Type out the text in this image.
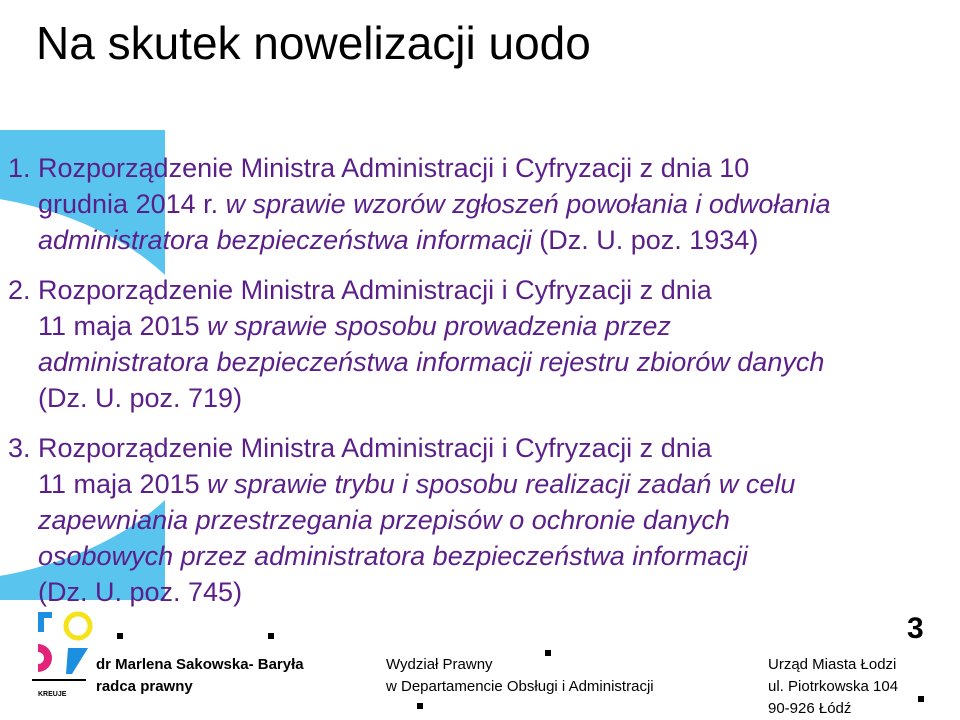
Na skutek nowelizacji uodo
1. Rozporządzenie Ministra Administracji i Cyfryzacji z dnia 10
grudnia 2014 r. w sprawie wzorów zgłoszeń powołania i odwołania
administratora bezpieczeństwa informacji (Dz. U. poz. 1934)
2. Rozporządzenie Ministra Administracji i Cyfryzacji z dnia
11 maja 2015 w sprawie sposobu prowadzenia przez
administratora bezpieczeństwa informacji rejestru zbiorów danych
(Dz. U. poz. 719)
3. Rozporządzenie Ministra Administracji i Cyfryzacji z dnia
11 maja 2015 w sprawie trybu i sposobu realizacji zadań w celu
zapewniania przestrzegania przepisów o ochronie danych
osobowych przez administratora bezpieczeństwa informacji
(Dz. U. poz. 745)
KREUJE
3
dr Marlena Sakowska- Baryła
radca prawny
Wydział Prawny
w Departamencie Obsługi i Administracji
Urząd Miasta Łodzi
ul. Piotrkowska 104
90-926 Łódź
